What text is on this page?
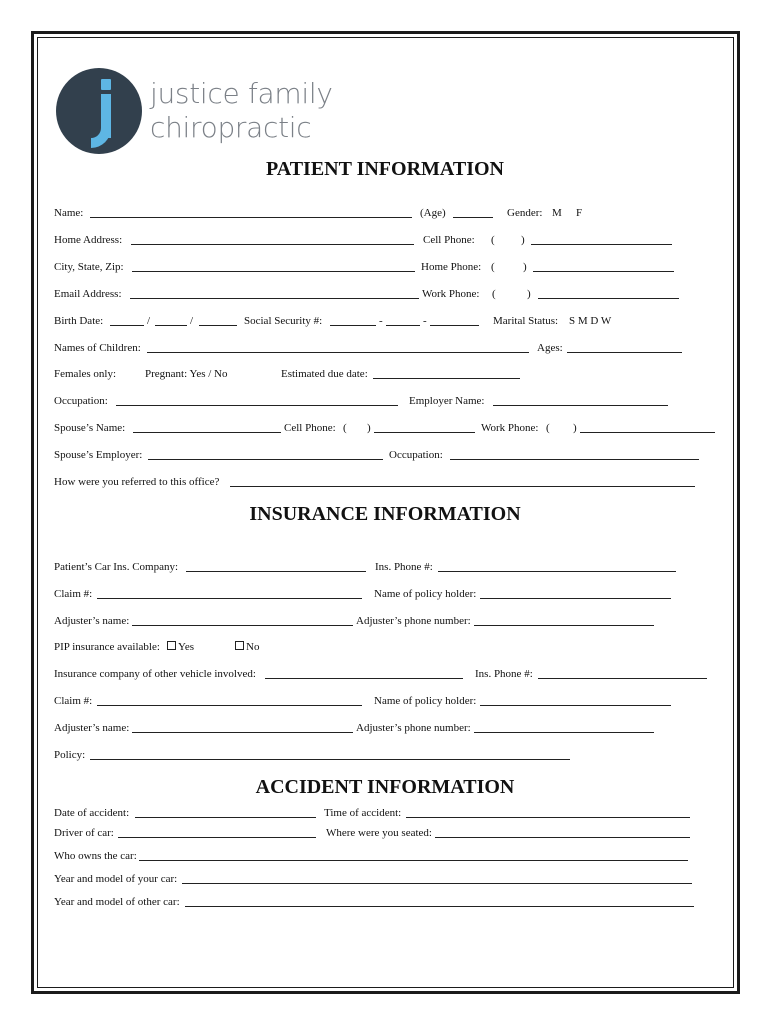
justice family
chiropractic
PATIENT INFORMATION
Name:	(Age)	Gender: M F
Home Address:	Cell Phone: ( )
City, State, Zip:	Home Phone: (	)
Email Address:	Work Phone: (	)
Birth Date:	/	/	Social Security #:	-	-	Marital Status: S M D W
Names of Children:	Ages:
Females only:	Pregnant: Yes / No	Estimated due date:
Occupation:	Employer Name:
Spouse’s Name:	Cell Phone: ( )	Work Phone: ( )
Spouse’s Employer:	Occupation:
How were you referred to this office?
INSURANCE INFORMATION
Patient’s Car Ins. Company:	Ins. Phone #:
Claim #:	Name of policy holder:
Adjuster’s name:	Adjuster’s phone number:
PIP insurance available:	Yes	No
Insurance company of other vehicle involved:	Ins. Phone #:
Claim #:	Name of policy holder:
Adjuster’s name:	Adjuster’s phone number:
Policy:
ACCIDENT INFORMATION
Date of accident:	Time of accident:
Driver of car:	Where were you seated:
Who owns the car:
Year and model of your car:
Year and model of other car:
